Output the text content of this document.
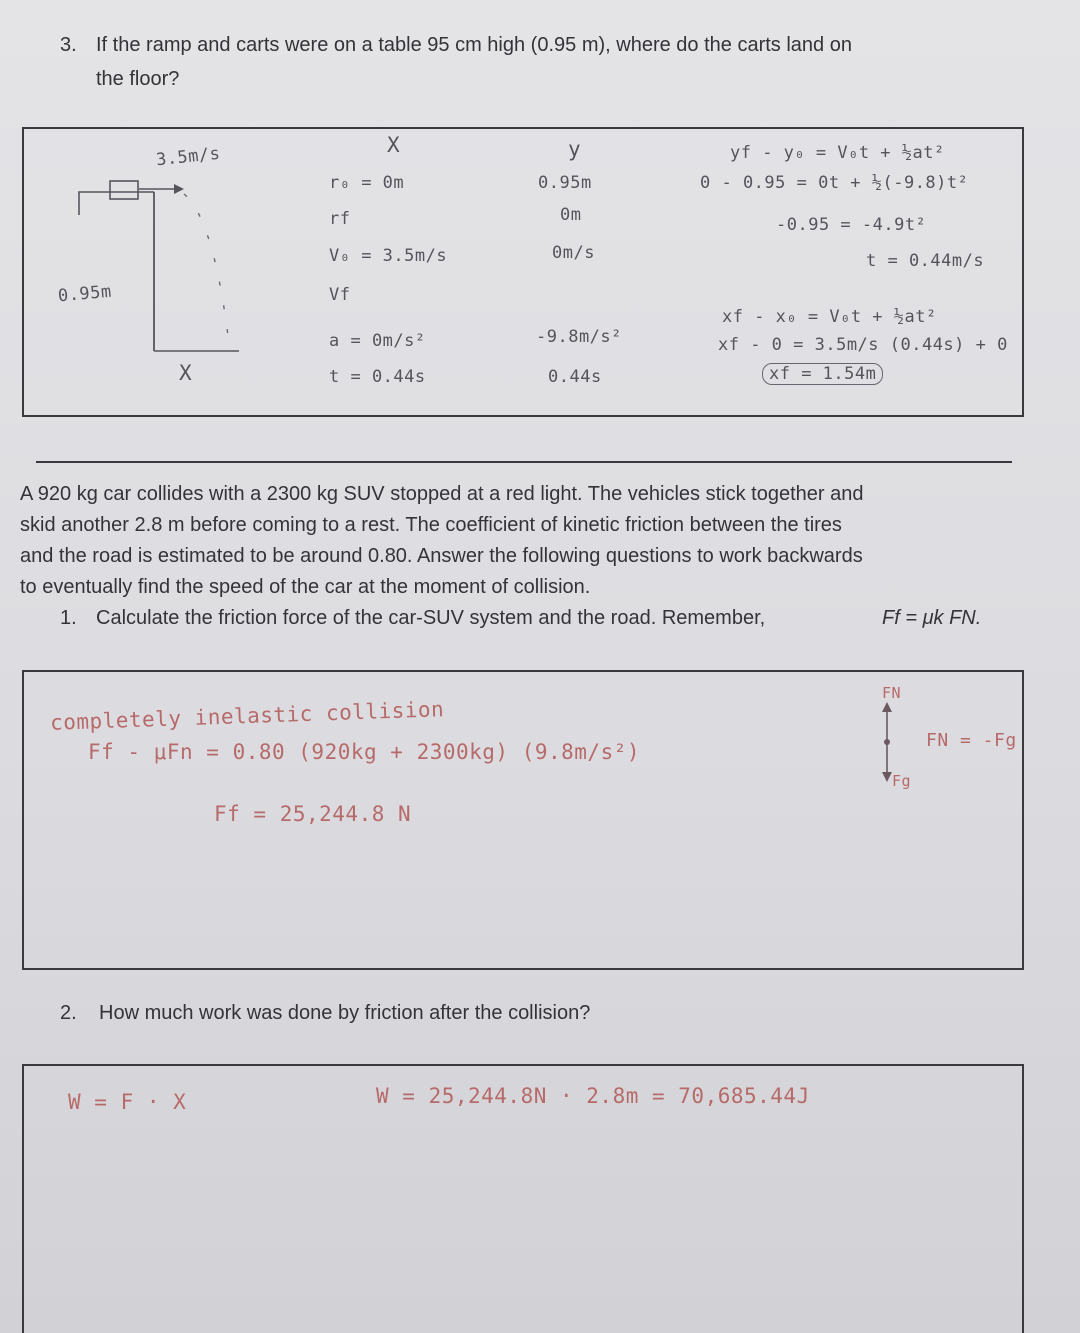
3. If the ramp and carts were on a table 95 cm high (0.95 m), where do the carts land on
the floor?
3.5m/s
0.95m
X
X
r₀ = 0m
rf
V₀ = 3.5m/s
Vf
a = 0m/s²
t = 0.44s
y
0.95m
0m
0m/s
-9.8m/s²
0.44s
yf - y₀ = V₀t + ½at²
0 - 0.95 = 0t + ½(-9.8)t²
-0.95 = -4.9t²
t = 0.44m/s
xf - x₀ = V₀t + ½at²
xf - 0 = 3.5m/s (0.44s) + 0
xf = 1.54m
A 920 kg car collides with a 2300 kg SUV stopped at a red light. The vehicles stick together and
skid another 2.8 m before coming to a rest. The coefficient of kinetic friction between the tires
and the road is estimated to be around 0.80. Answer the following questions to work backwards
to eventually find the speed of the car at the moment of collision.
1. Calculate the friction force of the car-SUV system and the road. Remember,	Ff = μk FN.
completely inelastic collision
Ff - μFn = 0.80 (920kg + 2300kg) (9.8m/s²)
Ff = 25,244.8 N
FN
Fg
FN = -Fg
2. How much work was done by friction after the collision?
W = F · X	W = 25,244.8N · 2.8m = 70,685.44J
